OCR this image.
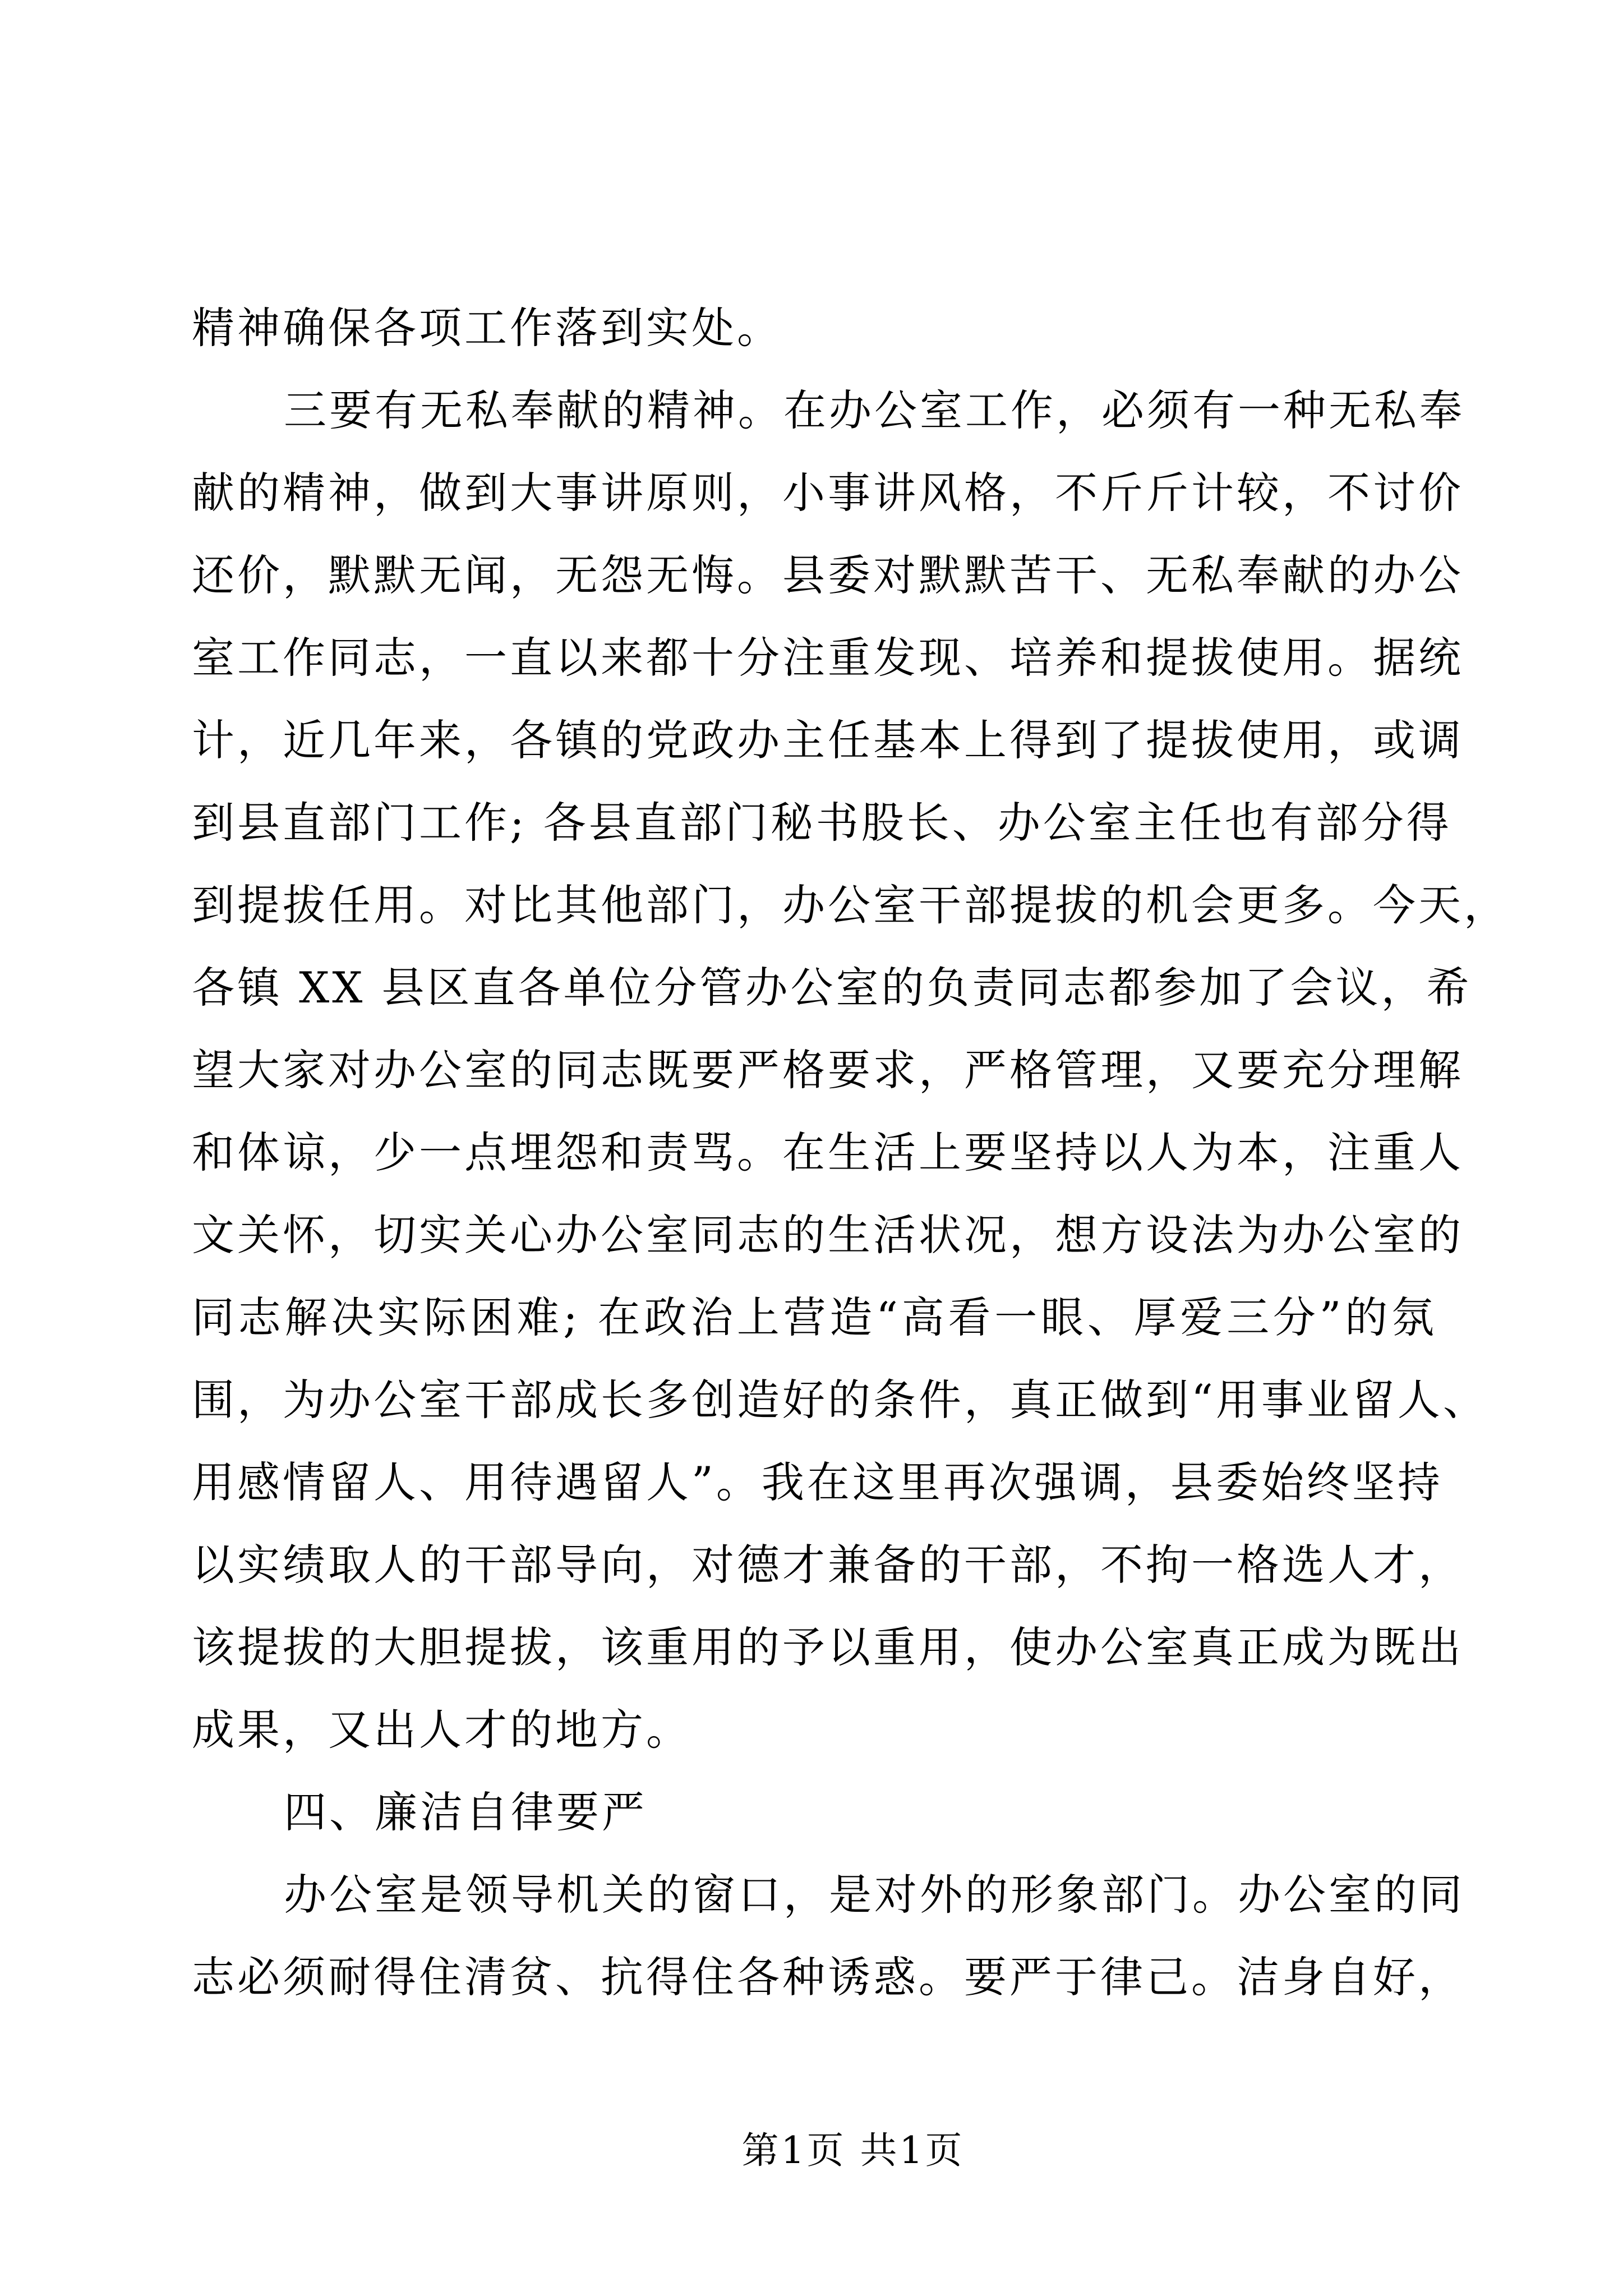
精神确保各项工作落到实处。
三要有无私奉献的精神。在办公室工作，必须有一种无私奉
献的精神，做到大事讲原则，小事讲风格，不斤斤计较，不讨价
还价，默默无闻，无怨无悔。县委对默默苦干、无私奉献的办公
室工作同志，一直以来都十分注重发现、培养和提拔使用。据统
计，近几年来，各镇的党政办主任基本上得到了提拔使用，或调
到县直部门工作; 各县直部门秘书股长、办公室主任也有部分得
到提拔任用。对比其他部门，办公室干部提拔的机会更多。今天，
各镇 XX 县区直各单位分管办公室的负责同志都参加了会议，希
望大家对办公室的同志既要严格要求，严格管理，又要充分理解
和体谅，少一点埋怨和责骂。在生活上要坚持以人为本，注重人
文关怀，切实关心办公室同志的生活状况，想方设法为办公室的
同志解决实际困难; 在政治上营造“高看一眼、厚爱三分”的氛
围，为办公室干部成长多创造好的条件，真正做到“用事业留人、
用感情留人、用待遇留人”。我在这里再次强调，县委始终坚持
以实绩取人的干部导向，对德才兼备的干部，不拘一格选人才，
该提拔的大胆提拔，该重用的予以重用，使办公室真正成为既出
成果，又出人才的地方。
四、廉洁自律要严
办公室是领导机关的窗口，是对外的形象部门。办公室的同
志必须耐得住清贫、抗得住各种诱惑。要严于律己。洁身自好，
第1页 共1页
